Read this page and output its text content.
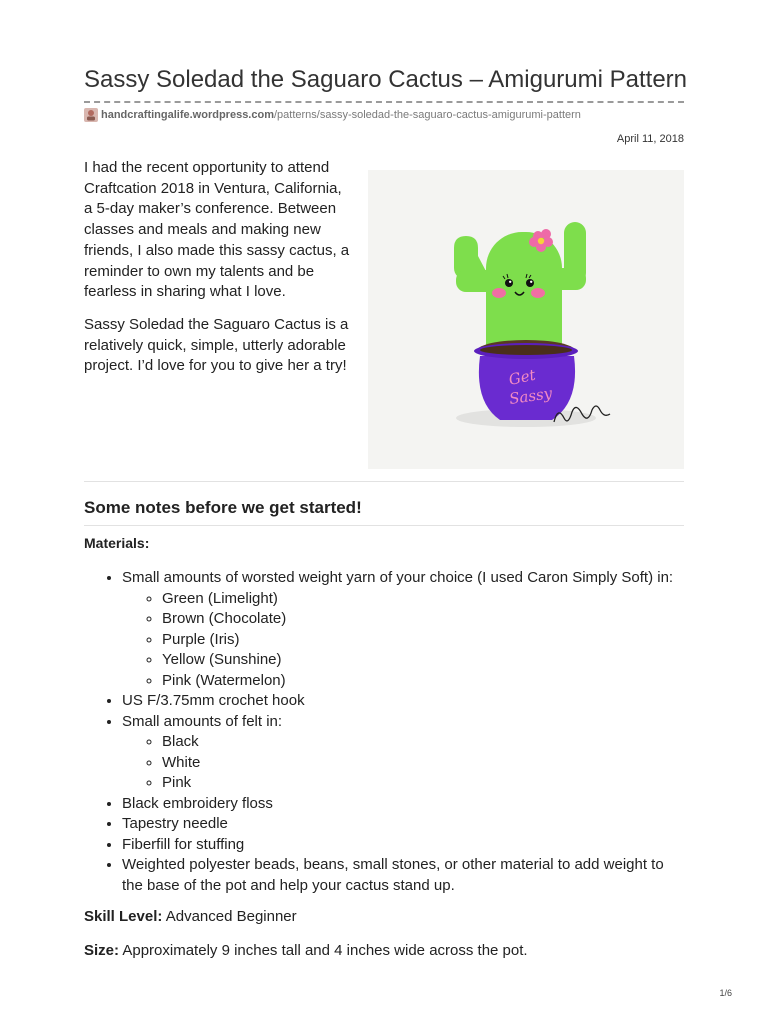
Sassy Soledad the Saguaro Cactus – Amigurumi Pattern
handcraftingalife.wordpress.com /patterns/sassy-soledad-the-saguaro-cactus-amigurumi-pattern
April 11, 2018

I had the recent opportunity to attend Craftcation 2018 in Ventura, California, a 5-day maker’s conference. Between classes and meals and making new friends, I also made this sassy cactus, a reminder to own my talents and be fearless in sharing what I love.

Sassy Soledad the Saguaro Cactus is a relatively quick, simple, utterly adorable project. I’d love for you to give her a try!	Get
Sassy
Some notes before we get started!
Materials:
• Small amounts of worsted weight yarn of your choice (I used Caron Simply Soft) in:
◦ Green (Limelight)
◦ Brown (Chocolate)
◦ Purple (Iris)
◦ Yellow (Sunshine)
◦ Pink (Watermelon)
• US F/3.75mm crochet hook
• Small amounts of felt in:
◦ Black
◦ White
◦ Pink
• Black embroidery floss
• Tapestry needle
• Fiberfill for stuffing
• Weighted polyester beads, beans, small stones, or other material to add weight to the base of the pot and help your cactus stand up.
Skill Level: Advanced Beginner
Size: Approximately 9 inches tall and 4 inches wide across the pot.
1/6
